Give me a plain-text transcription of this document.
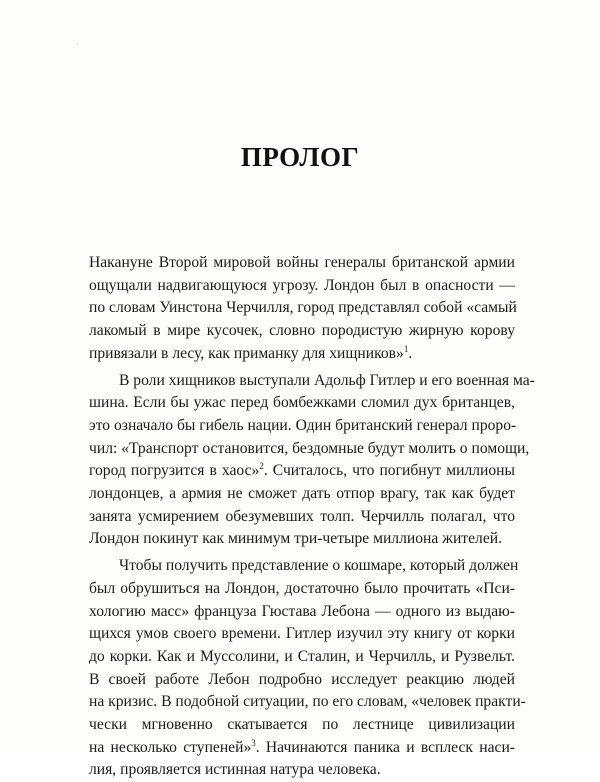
ПРОЛОГ
Накануне Второй мировой войны генералы британской армии
ощущали надвигающуюся угрозу. Лондон был в опасности —
по словам Уинстона Черчилля, город представлял собой «самый
лакомый в мире кусочек, словно породистую жирную корову
привязали в лесу, как приманку для хищников»$^1$.
В роли хищников выступали Адольф Гитлер и его военная ма-
шина. Если бы ужас перед бомбежками сломил дух британцев,
это означало бы гибель нации. Один британский генерал проро-
чил: «Транспорт остановится, бездомные будут молить о помощи,
город погрузится в хаос»$^2$. Считалось, что погибнут миллионы
лондонцев, а армия не сможет дать отпор врагу, так как будет
занята усмирением обезумевших толп. Черчилль полагал, что
Лондон покинут как минимум три-четыре миллиона жителей.
Чтобы получить представление о кошмаре, который должен
был обрушиться на Лондон, достаточно было прочитать «Пси-
хологию масс» француза Гюстава Лебона — одного из выдаю-
щихся умов своего времени. Гитлер изучил эту книгу от корки
до корки. Как и Муссолини, и Сталин, и Черчилль, и Рузвельт.
В своей работе Лебон подробно исследует реакцию людей
на кризис. В подобной ситуации, по его словам, «человек практи-
чески мгновенно скатывается по лестнице цивилизации
на несколько ступеней»$^3$. Начинаются паника и всплеск наси-
лия, проявляется истинная натура человека.
